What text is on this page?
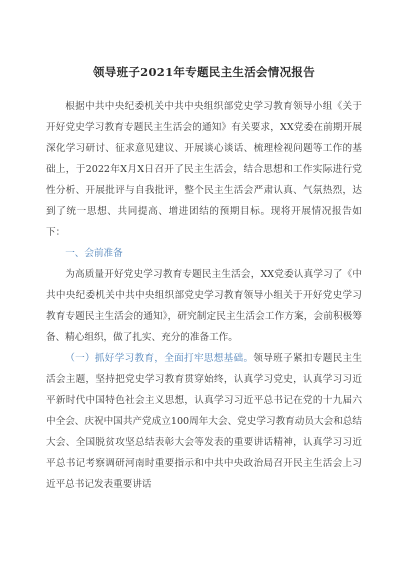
领导班子2021年专题民主生活会情况报告

根据中共中央纪委机关中共中央组织部党史学习教育领导小组《关于开好党史学习教育专题民主生活会的通知》有关要求，XX党委在前期开展深化学习研讨、征求意见建议、开展谈心谈话、梳理检视问题等工作的基础上，于2022年X月X日召开了民主生活会，结合思想和工作实际进行党性分析、开展批评与自我批评，整个民主生活会严肃认真、气氛热烈，达到了统一思想、共同提高、增进团结的预期目标。现将开展情况报告如下：

一、会前准备

为高质量开好党史学习教育专题民主生活会，XX党委认真学习了《中共中央纪委机关中共中央组织部党史学习教育领导小组关于开好党史学习教育专题民主生活会的通知》，研究制定民主生活会工作方案，会前积极筹备、精心组织，做了扎实、充分的准备工作。

（一）抓好学习教育，全面打牢思想基础。领导班子紧扣专题民主生活会主题，坚持把党史学习教育贯穿始终，认真学习党史，认真学习习近平新时代中国特色社会主义思想，认真学习习近平总书记在党的十九届六中全会、庆祝中国共产党成立100周年大会、党史学习教育动员大会和总结大会、全国脱贫攻坚总结表彰大会等发表的重要讲话精神，认真学习习近平总书记考察调研河南时重要指示和中共中央政治局召开民主生活会上习近平总书记发表重要讲话
